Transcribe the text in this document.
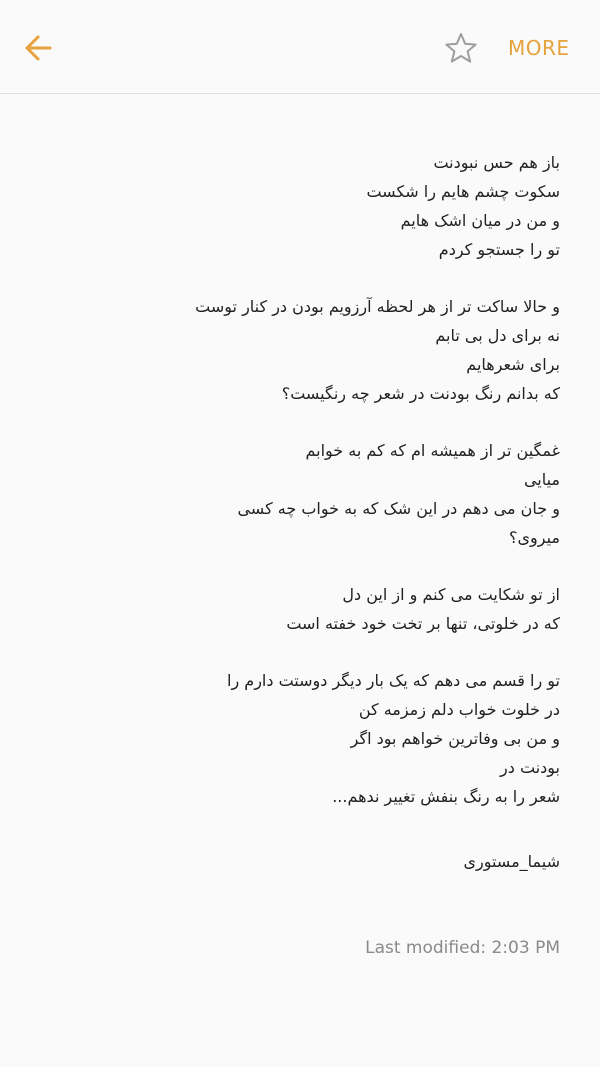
MORE
باز هم حس نبودنت
سکوت چشم هایم را شکست
و من در میان اشک هایم
تو را جستجو کردم
و حالا ساکت تر از هر لحظه آرزویم بودن در کنار توست
نه برای دل بی تابم
برای شعرهایم
که بدانم رنگ بودنت در شعر چه رنگیست؟
غمگین تر از همیشه ام که کم به خوابم
میایی
و جان می دهم در این شک که به خواب چه کسی
میروی؟
از تو شکایت می کنم و از این دل
که در خلوتی، تنها بر تخت خود خفته است
تو را قسم می دهم که یک بار دیگر دوستت دارم را
در خلوت خواب دلم زمزمه کن
و من بی وفاترین خواهم بود اگر
بودنت در
شعر را به رنگ بنفش تغییر ندهم...
شیما_مستوری
Last modified: 2:03 PM
